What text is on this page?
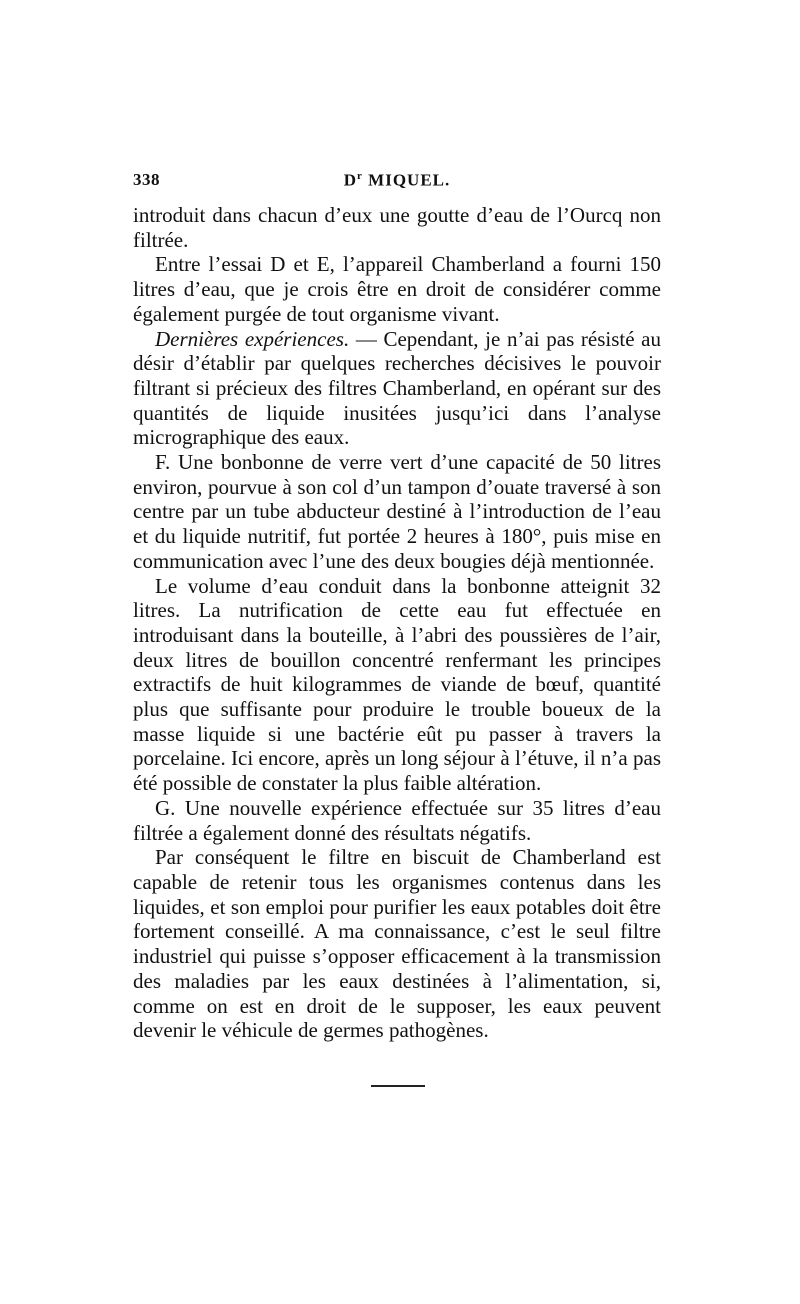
338	$D^r$ MIQUEL.

introduit dans chacun d’eux une goutte d’eau de l’Ourcq non filtrée.

Entre l’essai D et E, l’appareil Chamberland a fourni 150 litres d’eau, que je crois être en droit de considérer comme également purgée de tout organisme vivant.

Dernières expériences. — Cependant, je n’ai pas résisté au désir d’établir par quelques recherches décisives le pouvoir filtrant si précieux des filtres Chamberland, en opérant sur des quantités de liquide inusitées jusqu’ici dans l’analyse micrographique des eaux.

F. Une bonbonne de verre vert d’une capacité de 50 litres environ, pourvue à son col d’un tampon d’ouate traversé à son centre par un tube abducteur destiné à l’introduction de l’eau et du liquide nutritif, fut portée 2 heures à 180°, puis mise en communication avec l’une des deux bougies déjà mentionnée.

Le volume d’eau conduit dans la bonbonne atteignit 32 litres. La nutrification de cette eau fut effectuée en introduisant dans la bouteille, à l’abri des poussières de l’air, deux litres de bouillon concentré renfermant les principes extractifs de huit kilogrammes de viande de bœuf, quantité plus que suffisante pour produire le trouble boueux de la masse liquide si une bactérie eût pu passer à travers la porcelaine. Ici encore, après un long séjour à l’étuve, il n’a pas été possible de constater la plus faible altération.

G. Une nouvelle expérience effectuée sur 35 litres d’eau filtrée a également donné des résultats négatifs.

Par conséquent le filtre en biscuit de Chamberland est capable de retenir tous les organismes contenus dans les liquides, et son emploi pour purifier les eaux potables doit être fortement conseillé. A ma connaissance, c’est le seul filtre industriel qui puisse s’opposer efficacement à la transmission des maladies par les eaux destinées à l’alimentation, si, comme on est en droit de le supposer, les eaux peuvent devenir le véhicule de germes pathogènes.
